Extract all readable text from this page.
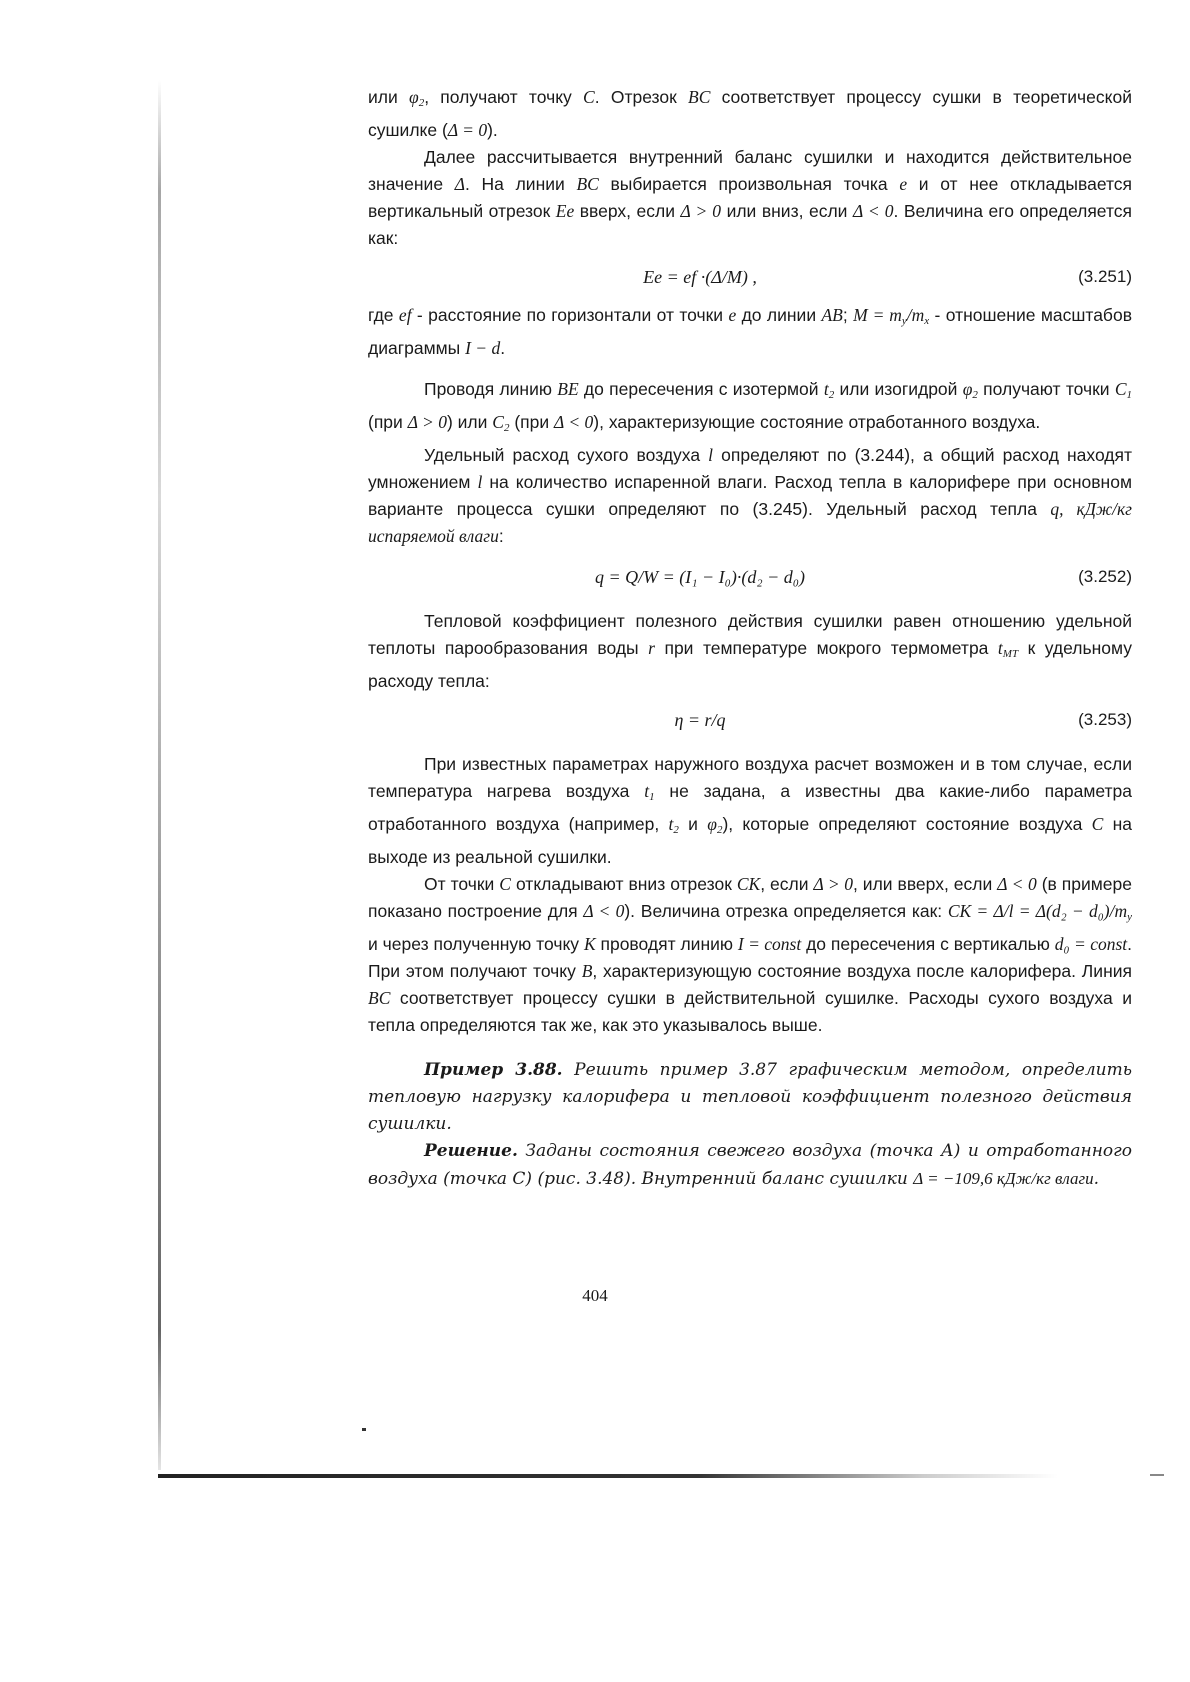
или $\varphi_2$, получают точку C. Отрезок BC соответствует процессу сушки в теоретической сушилке (Δ = 0).

Далее рассчитывается внутренний баланс сушилки и находится действительное значение Δ. На линии BC выбирается произвольная точка e и от нее откладывается вертикальный отрезок Ee вверх, если Δ > 0 или вниз, если Δ < 0. Величина его определяется как:

Ee = ef ·(Δ/M) ,	(3.251)

где ef - расстояние по горизонтали от точки e до линии AB; $M = m_y/m_x$ - отношение масштабов диаграммы I − d.

Проводя линию BE до пересечения с изотермой $t_2$ или изогидрой $\varphi_2$ получают точки $C_1$ (при Δ > 0) или $C_2$ (при Δ < 0), характеризующие состояние отработанного воздуха.

Удельный расход сухого воздуха l определяют по (3.244), а общий расход находят умножением l на количество испаренной влаги. Расход тепла в калорифере при основном варианте процесса сушки определяют по (3.245). Удельный расход тепла q, кДж/кг испаряемой влаги:

q = Q/W = (I₁ − I₀)·(d₂ − d₀)	(3.252)

Тепловой коэффициент полезного действия сушилки равен отношению удельной теплоты парообразования воды r при температуре мокрого термометра $t_{МТ}$ к удельному расходу тепла:

η = r/q	(3.253)

При известных параметрах наружного воздуха расчет возможен и в том случае, если температура нагрева воздуха $t_1$ не задана, а известны два какие-либо параметра отработанного воздуха (например, $t_2$ и $\varphi_2$), которые определяют состояние воздуха C на выходе из реальной сушилки.

От точки C откладывают вниз отрезок CK, если Δ > 0, или вверх, если Δ < 0 (в примере показано построение для Δ < 0). Величина отрезка определяется как: CK = $\Delta/l = \Delta(d_2 - d_0)/m_y$ и через полученную точку K проводят линию I = const до пересечения с вертикалью d₀ = const. При этом получают точку B, характеризующую состояние воздуха после калорифера. Линия BC соответствует процессу сушки в действительной сушилке. Расходы сухого воздуха и тепла определяются так же, как это указывалось выше.

Пример 3.88. Решить пример 3.87 графическим методом, определить тепловую нагрузку калорифера и тепловой коэффициент полезного действия сушилки.

Решение. Заданы состояния свежего воздуха (точка А) и отработанного воздуха (точка С) (рис. 3.48). Внутренний баланс сушилки Δ = −109,6 кДж/кг влаги.

404
